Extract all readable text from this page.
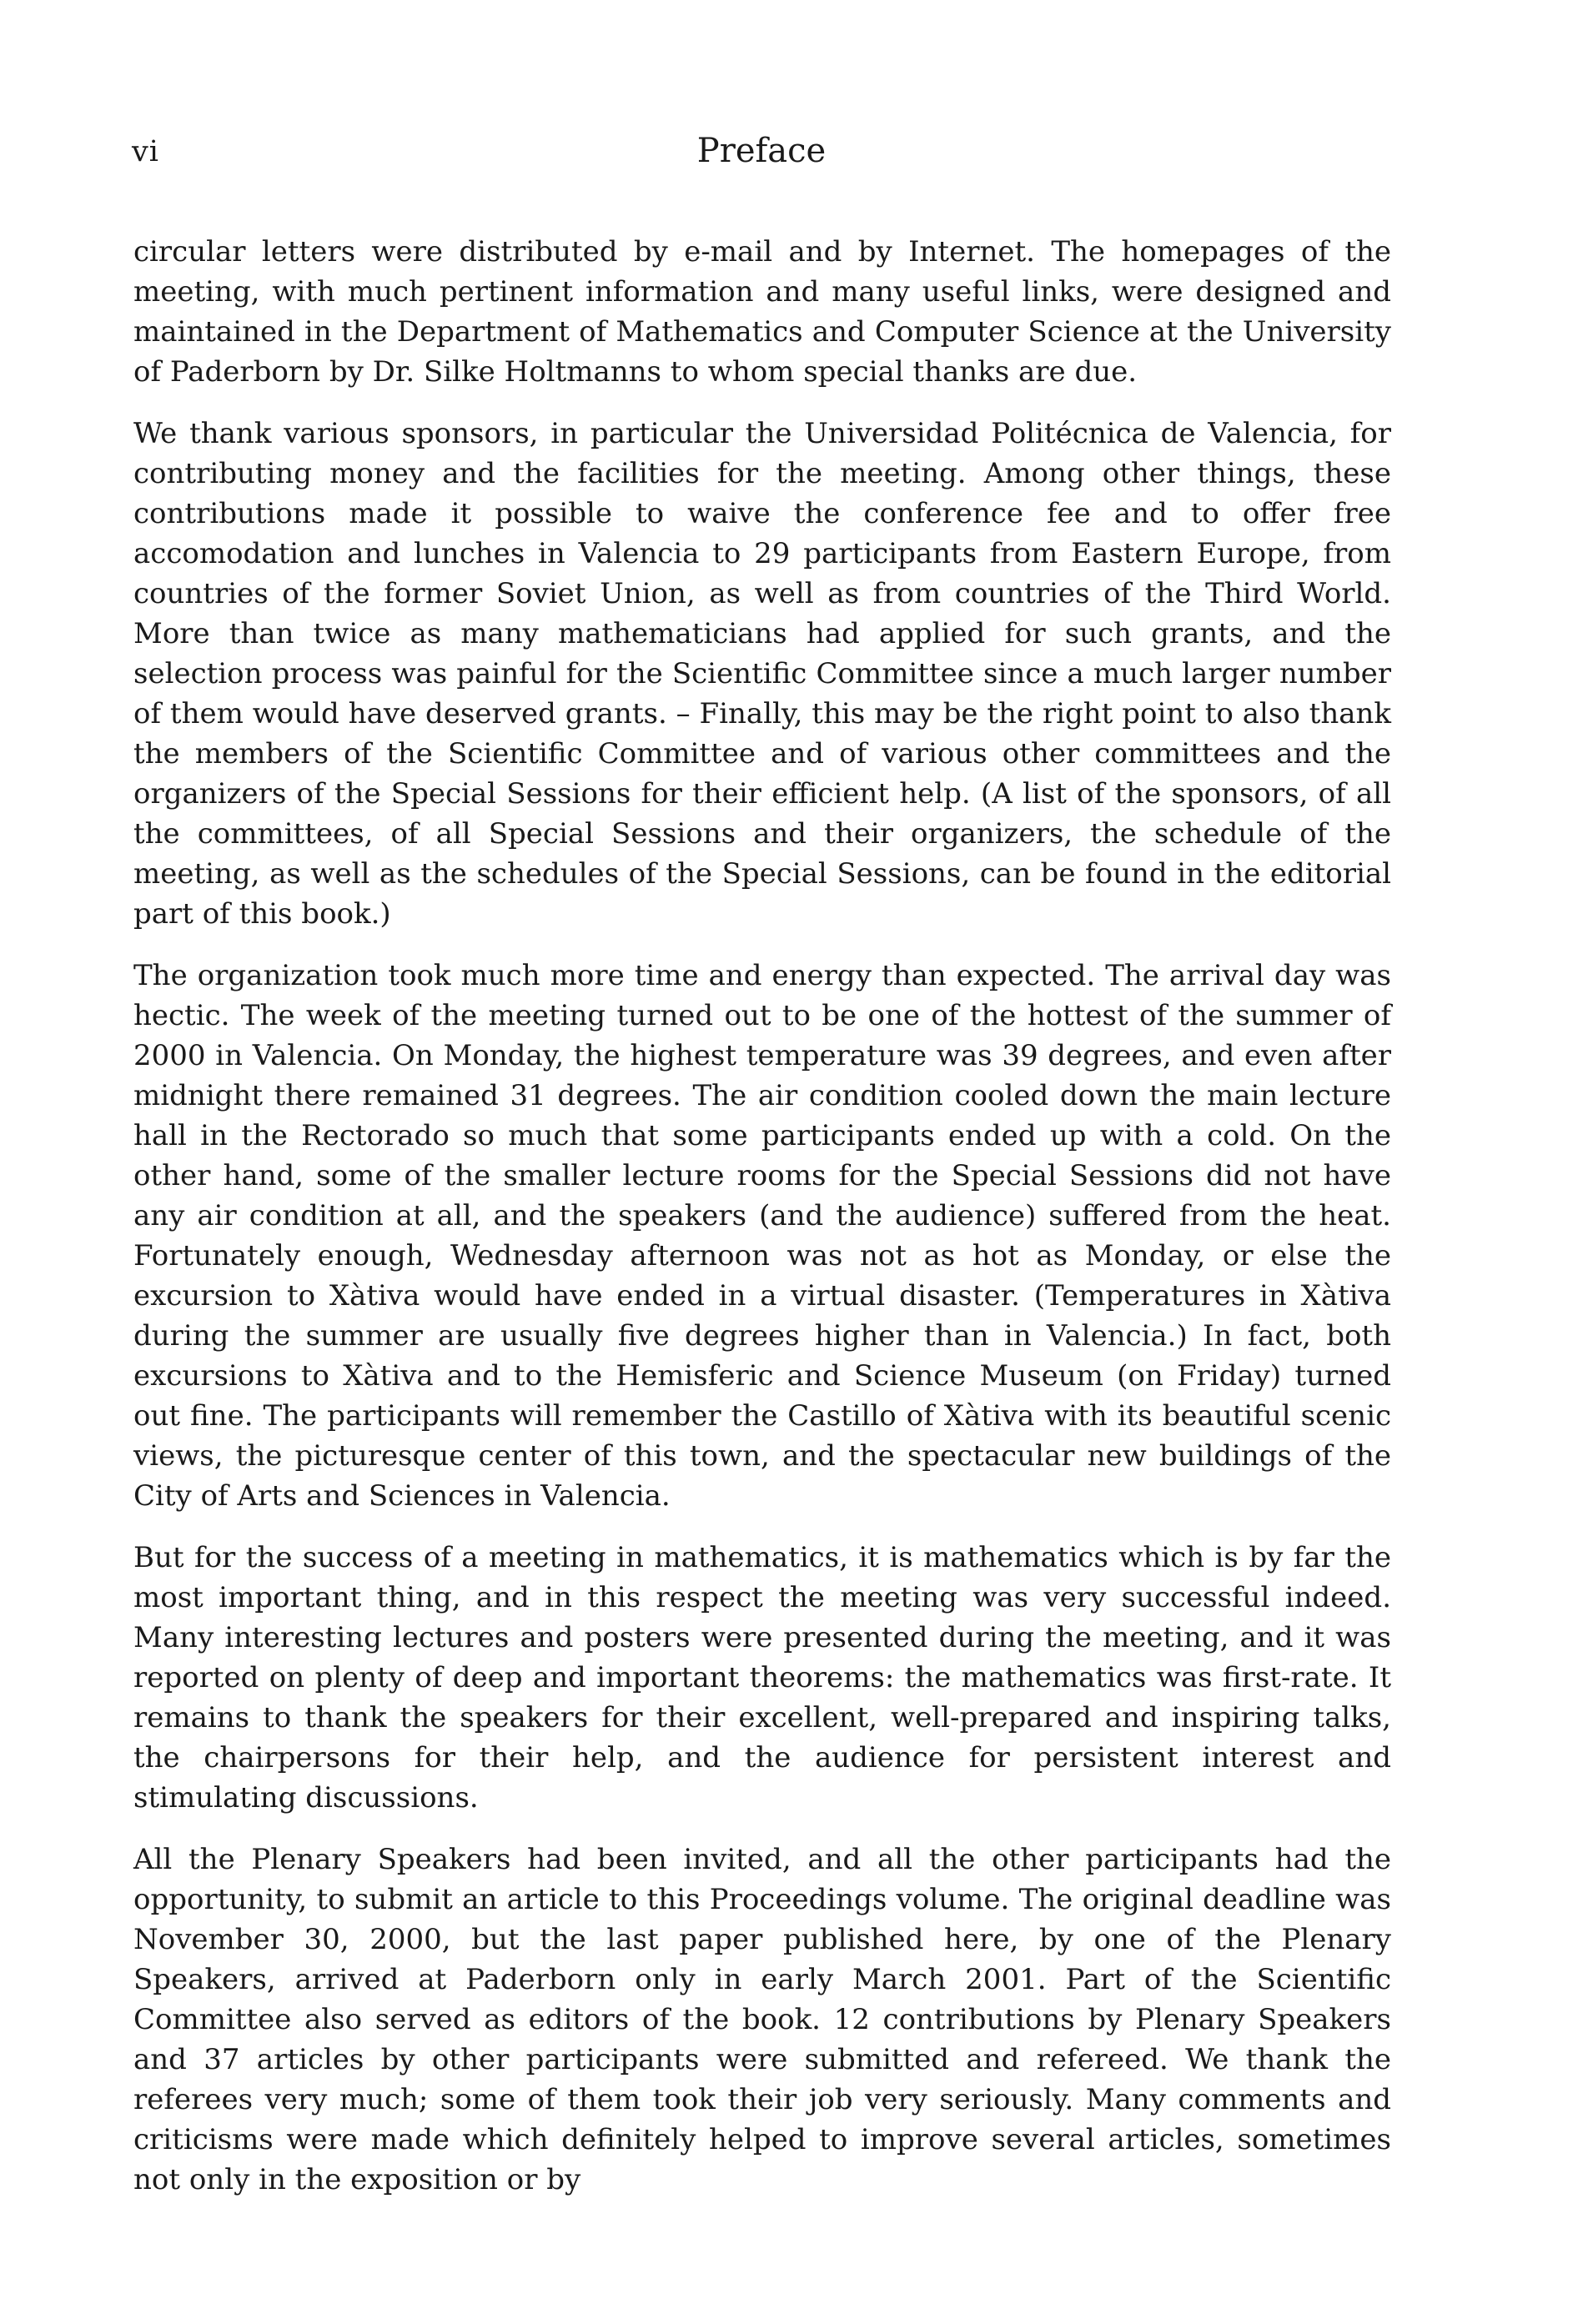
vi	Preface

circular letters were distributed by e-mail and by Internet. The homepages of the meeting, with much pertinent information and many useful links, were designed and maintained in the Department of Mathematics and Computer Science at the University of Paderborn by Dr. Silke Holtmanns to whom special thanks are due.

We thank various sponsors, in particular the Universidad Politécnica de Valencia, for contributing money and the facilities for the meeting. Among other things, these contributions made it possible to waive the conference fee and to offer free accomodation and lunches in Valencia to 29 participants from Eastern Europe, from countries of the former Soviet Union, as well as from countries of the Third World. More than twice as many mathematicians had applied for such grants, and the selection process was painful for the Scientific Committee since a much larger number of them would have deserved grants. – Finally, this may be the right point to also thank the members of the Scientific Committee and of various other committees and the organizers of the Special Sessions for their efficient help. (A list of the sponsors, of all the committees, of all Special Sessions and their organizers, the schedule of the meeting, as well as the schedules of the Special Sessions, can be found in the editorial part of this book.)

The organization took much more time and energy than expected. The arrival day was hectic. The week of the meeting turned out to be one of the hottest of the summer of 2000 in Valencia. On Monday, the highest temperature was 39 degrees, and even after midnight there remained 31 degrees. The air condition cooled down the main lecture hall in the Rectorado so much that some participants ended up with a cold. On the other hand, some of the smaller lecture rooms for the Special Sessions did not have any air condition at all, and the speakers (and the audience) suffered from the heat. Fortunately enough, Wednesday afternoon was not as hot as Monday, or else the excursion to Xàtiva would have ended in a virtual disaster. (Temperatures in Xàtiva during the summer are usually five degrees higher than in Valencia.) In fact, both excursions to Xàtiva and to the Hemisferic and Science Museum (on Friday) turned out fine. The participants will remember the Castillo of Xàtiva with its beautiful scenic views, the picturesque center of this town, and the spectacular new buildings of the City of Arts and Sciences in Valencia.

But for the success of a meeting in mathematics, it is mathematics which is by far the most important thing, and in this respect the meeting was very successful indeed. Many interesting lectures and posters were presented during the meeting, and it was reported on plenty of deep and important theorems: the mathematics was first-rate. It remains to thank the speakers for their excellent, well-prepared and inspiring talks, the chairpersons for their help, and the audience for persistent interest and stimulating discussions.

All the Plenary Speakers had been invited, and all the other participants had the opportunity, to submit an article to this Proceedings volume. The original deadline was November 30, 2000, but the last paper published here, by one of the Plenary Speakers, arrived at Paderborn only in early March 2001. Part of the Scientific Committee also served as editors of the book. 12 contributions by Plenary Speakers and 37 articles by other participants were submitted and refereed. We thank the referees very much; some of them took their job very seriously. Many comments and criticisms were made which definitely helped to improve several articles, sometimes not only in the exposition or by
